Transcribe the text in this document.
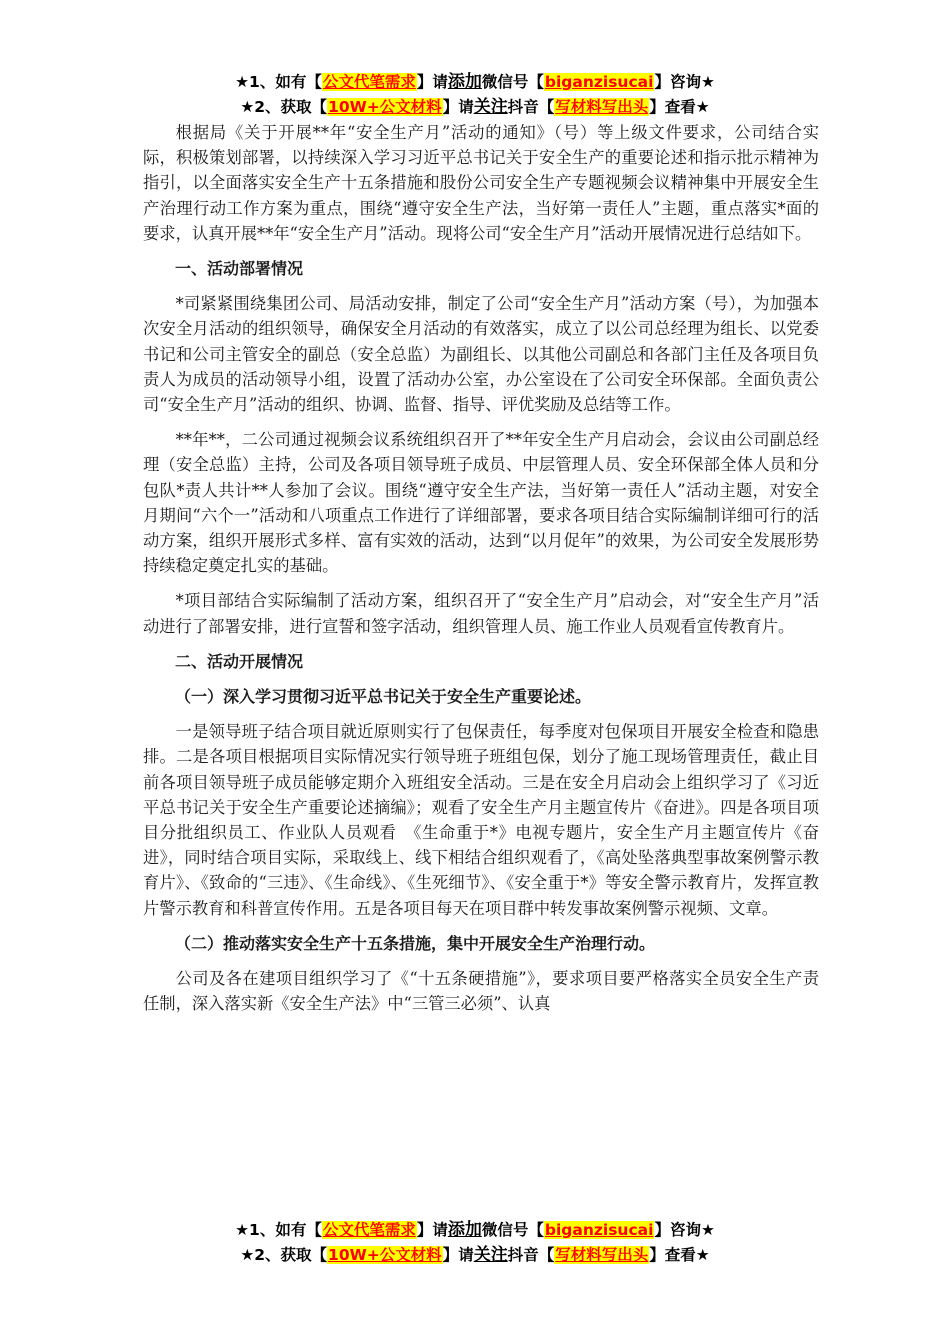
★1、如有【公文代笔需求】请添加微信号【biganzisucai】咨询★
★2、获取【10W+公文材料】请关注抖音【写材料写出头】查看★

根据局《关于开展**年“安全生产月”活动的通知》（号）等上级文件要求，公司结合实际，积极策划部署，以持续深入学习习近平总书记关于安全生产的重要论述和指示批示精神为指引，以全面落实安全生产十五条措施和股份公司安全生产专题视频会议精神集中开展安全生产治理行动工作方案为重点，围绕“遵守安全生产法，当好第一责任人”主题，重点落实*面的要求，认真开展**年“安全生产月”活动。现将公司“安全生产月”活动开展情况进行总结如下。

一、活动部署情况

*司紧紧围绕集团公司、局活动安排，制定了公司“安全生产月”活动方案（号），为加强本次安全月活动的组织领导，确保安全月活动的有效落实，成立了以公司总经理为组长、以党委书记和公司主管安全的副总（安全总监）为副组长、以其他公司副总和各部门主任及各项目负责人为成员的活动领导小组，设置了活动办公室，办公室设在了公司安全环保部。全面负责公司“安全生产月”活动的组织、协调、监督、指导、评优奖励及总结等工作。

**年**，二公司通过视频会议系统组织召开了**年安全生产月启动会，会议由公司副总经理（安全总监）主持，公司及各项目领导班子成员、中层管理人员、安全环保部全体人员和分包队*责人共计**人参加了会议。围绕“遵守安全生产法，当好第一责任人”活动主题，对安全月期间“六个一”活动和八项重点工作进行了详细部署，要求各项目结合实际编制详细可行的活动方案，组织开展形式多样、富有实效的活动，达到“以月促年”的效果，为公司安全发展形势持续稳定奠定扎实的基础。

*项目部结合实际编制了活动方案，组织召开了“安全生产月”启动会，对“安全生产月”活动进行了部署安排，进行宣誓和签字活动，组织管理人员、施工作业人员观看宣传教育片。

二、活动开展情况
（一）深入学习贯彻习近平总书记关于安全生产重要论述。

一是领导班子结合项目就近原则实行了包保责任，每季度对包保项目开展安全检查和隐患排。二是各项目根据项目实际情况实行领导班子班组包保，划分了施工现场管理责任，截止目前各项目领导班子成员能够定期介入班组安全活动。三是在安全月启动会上组织学习了《习近平总书记关于安全生产重要论述摘编》；观看了安全生产月主题宣传片《奋进》。四是各项目项目分批组织员工、作业队人员观看　《生命重于*》电视专题片，安全生产月主题宣传片《奋进》，同时结合项目实际，采取线上、线下相结合组织观看了，《高处坠落典型事故案例警示教育片》、《致命的“三违》、《生命线》、《生死细节》、《安全重于*》等安全警示教育片，发挥宣教片警示教育和科普宣传作用。五是各项目每天在项目群中转发事故案例警示视频、文章。

（二）推动落实安全生产十五条措施，集中开展安全生产治理行动。

公司及各在建项目组织学习了《“十五条硬措施”》，要求项目要严格落实全员安全生产责任制，深入落实新《安全生产法》中“三管三必须”、认真

★1、如有【公文代笔需求】请添加微信号【biganzisucai】咨询★
★2、获取【10W+公文材料】请关注抖音【写材料写出头】查看★
